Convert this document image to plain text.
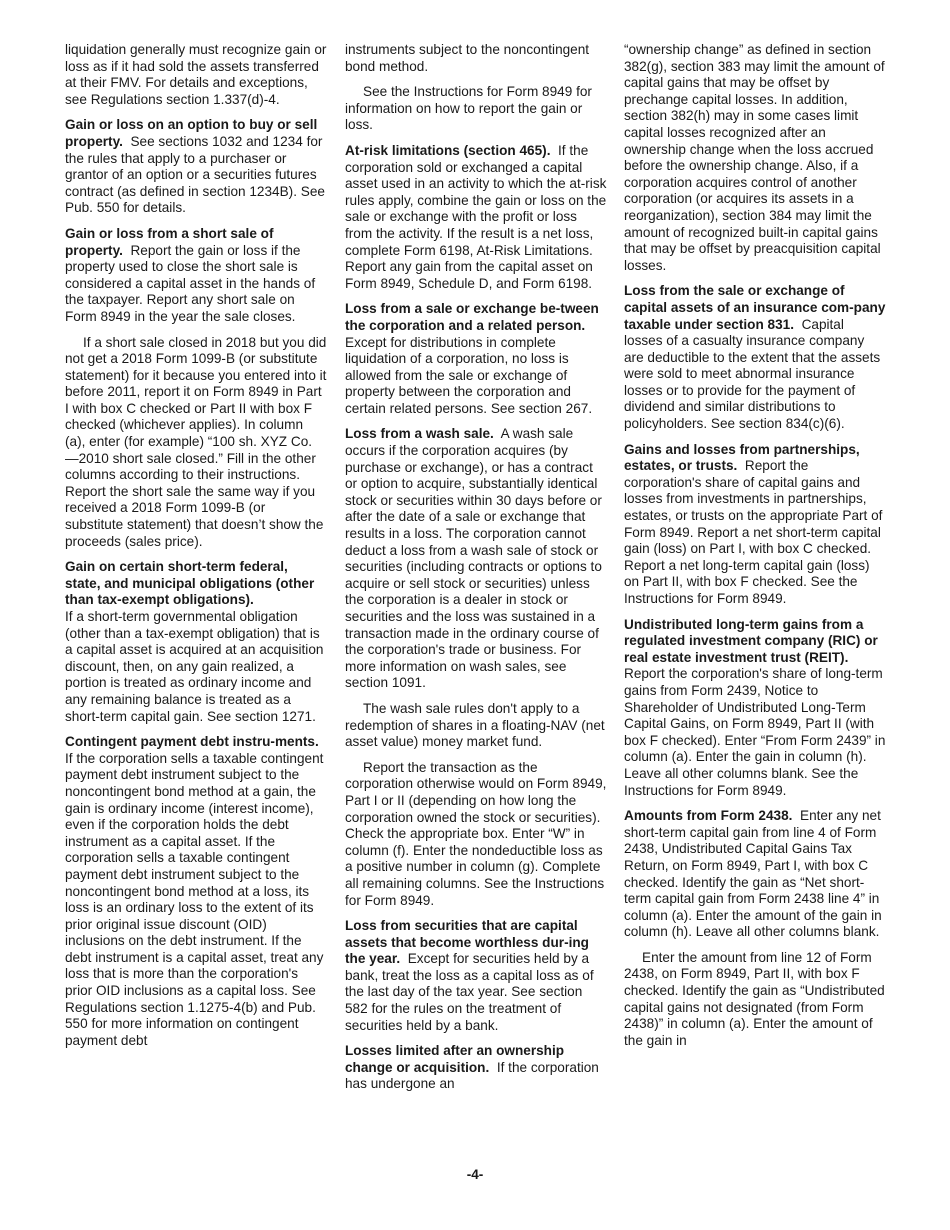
liquidation generally must recognize gain or loss as if it had sold the assets transferred at their FMV. For details and exceptions, see Regulations section 1.337(d)-4.

Gain or loss on an option to buy or sell property. See sections 1032 and 1234 for the rules that apply to a purchaser or grantor of an option or a securities futures contract (as defined in section 1234B). See Pub. 550 for details.

Gain or loss from a short sale of property. Report the gain or loss if the property used to close the short sale is considered a capital asset in the hands of the taxpayer. Report any short sale on Form 8949 in the year the sale closes.

If a short sale closed in 2018 but you did not get a 2018 Form 1099-B (or substitute statement) for it because you entered into it before 2011, report it on Form 8949 in Part I with box C checked or Part II with box F checked (whichever applies). In column (a), enter (for example) “100 sh. XYZ Co. —2010 short sale closed.” Fill in the other columns according to their instructions. Report the short sale the same way if you received a 2018 Form 1099-B (or substitute statement) that doesn’t show the proceeds (sales price).

Gain on certain short-term federal, state, and municipal obligations (other than tax-exempt obligations).
If a short-term governmental obligation (other than a tax-exempt obligation) that is a capital asset is acquired at an acquisition discount, then, on any gain realized, a portion is treated as ordinary income and any remaining balance is treated as a short-term capital gain. See section 1271.

Contingent payment debt instru-ments.  If the corporation sells a taxable contingent payment debt instrument subject to the noncontingent bond method at a gain, the gain is ordinary income (interest income), even if the corporation holds the debt instrument as a capital asset. If the corporation sells a taxable contingent payment debt instrument subject to the noncontingent bond method at a loss, its loss is an ordinary loss to the extent of its prior original issue discount (OID) inclusions on the debt instrument. If the debt instrument is a capital asset, treat any loss that is more than the corporation's prior OID inclusions as a capital loss. See Regulations section 1.1275-4(b) and Pub. 550 for more information on contingent payment debt

instruments subject to the noncontingent bond method.

See the Instructions for Form 8949 for information on how to report the gain or loss.

At-risk limitations (section 465). If the corporation sold or exchanged a capital asset used in an activity to which the at-risk rules apply, combine the gain or loss on the sale or exchange with the profit or loss from the activity. If the result is a net loss, complete Form 6198, At-Risk Limitations. Report any gain from the capital asset on Form 8949, Schedule D, and Form 6198.

Loss from a sale or exchange be-tween the corporation and a related person.  Except for distributions in complete liquidation of a corporation, no loss is allowed from the sale or exchange of property between the corporation and certain related persons. See section 267.

Loss from a wash sale. A wash sale occurs if the corporation acquires (by purchase or exchange), or has a contract or option to acquire, substantially identical stock or securities within 30 days before or after the date of a sale or exchange that results in a loss. The corporation cannot deduct a loss from a wash sale of stock or securities (including contracts or options to acquire or sell stock or securities) unless the corporation is a dealer in stock or securities and the loss was sustained in a transaction made in the ordinary course of the corporation's trade or business. For more information on wash sales, see section 1091.

The wash sale rules don't apply to a redemption of shares in a floating-NAV (net asset value) money market fund.

Report the transaction as the corporation otherwise would on Form 8949, Part I or II (depending on how long the corporation owned the stock or securities). Check the appropriate box. Enter “W” in column (f). Enter the nondeductible loss as a positive number in column (g). Complete all remaining columns. See the Instructions for Form 8949.

Loss from securities that are capital assets that become worthless dur-ing the year. Except for securities held by a bank, treat the loss as a capital loss as of the last day of the tax year. See section 582 for the rules on the treatment of securities held by a bank.

Losses limited after an ownership change or acquisition. If the corporation has undergone an

“ownership change” as defined in section 382(g), section 383 may limit the amount of capital gains that may be offset by prechange capital losses. In addition, section 382(h) may in some cases limit capital losses recognized after an ownership change when the loss accrued before the ownership change. Also, if a corporation acquires control of another corporation (or acquires its assets in a reorganization), section 384 may limit the amount of recognized built-in capital gains that may be offset by preacquisition capital losses.

Loss from the sale or exchange of capital assets of an insurance com-pany taxable under section 831. Capital losses of a casualty insurance company are deductible to the extent that the assets were sold to meet abnormal insurance losses or to provide for the payment of dividend and similar distributions to policyholders. See section 834(c)(6).

Gains and losses from partnerships, estates, or trusts. Report the corporation's share of capital gains and losses from investments in partnerships, estates, or trusts on the appropriate Part of Form 8949. Report a net short-term capital gain (loss) on Part I, with box C checked. Report a net long-term capital gain (loss) on Part II, with box F checked. See the Instructions for Form 8949.

Undistributed long-term gains from a regulated investment company (RIC) or real estate investment trust (REIT).  Report the corporation's share of long-term gains from Form 2439, Notice to Shareholder of Undistributed Long-Term Capital Gains, on Form 8949, Part II (with box F checked). Enter “From Form 2439” in column (a). Enter the gain in column (h). Leave all other columns blank. See the Instructions for Form 8949.

Amounts from Form 2438. Enter any net short-term capital gain from line 4 of Form 2438, Undistributed Capital Gains Tax Return, on Form 8949, Part I, with box C checked. Identify the gain as “Net short-term capital gain from Form 2438 line 4” in column (a). Enter the amount of the gain in column (h). Leave all other columns blank.

Enter the amount from line 12 of Form 2438, on Form 8949, Part II, with box F checked. Identify the gain as “Undistributed capital gains not designated (from Form 2438)” in column (a). Enter the amount of the gain in

-4-
